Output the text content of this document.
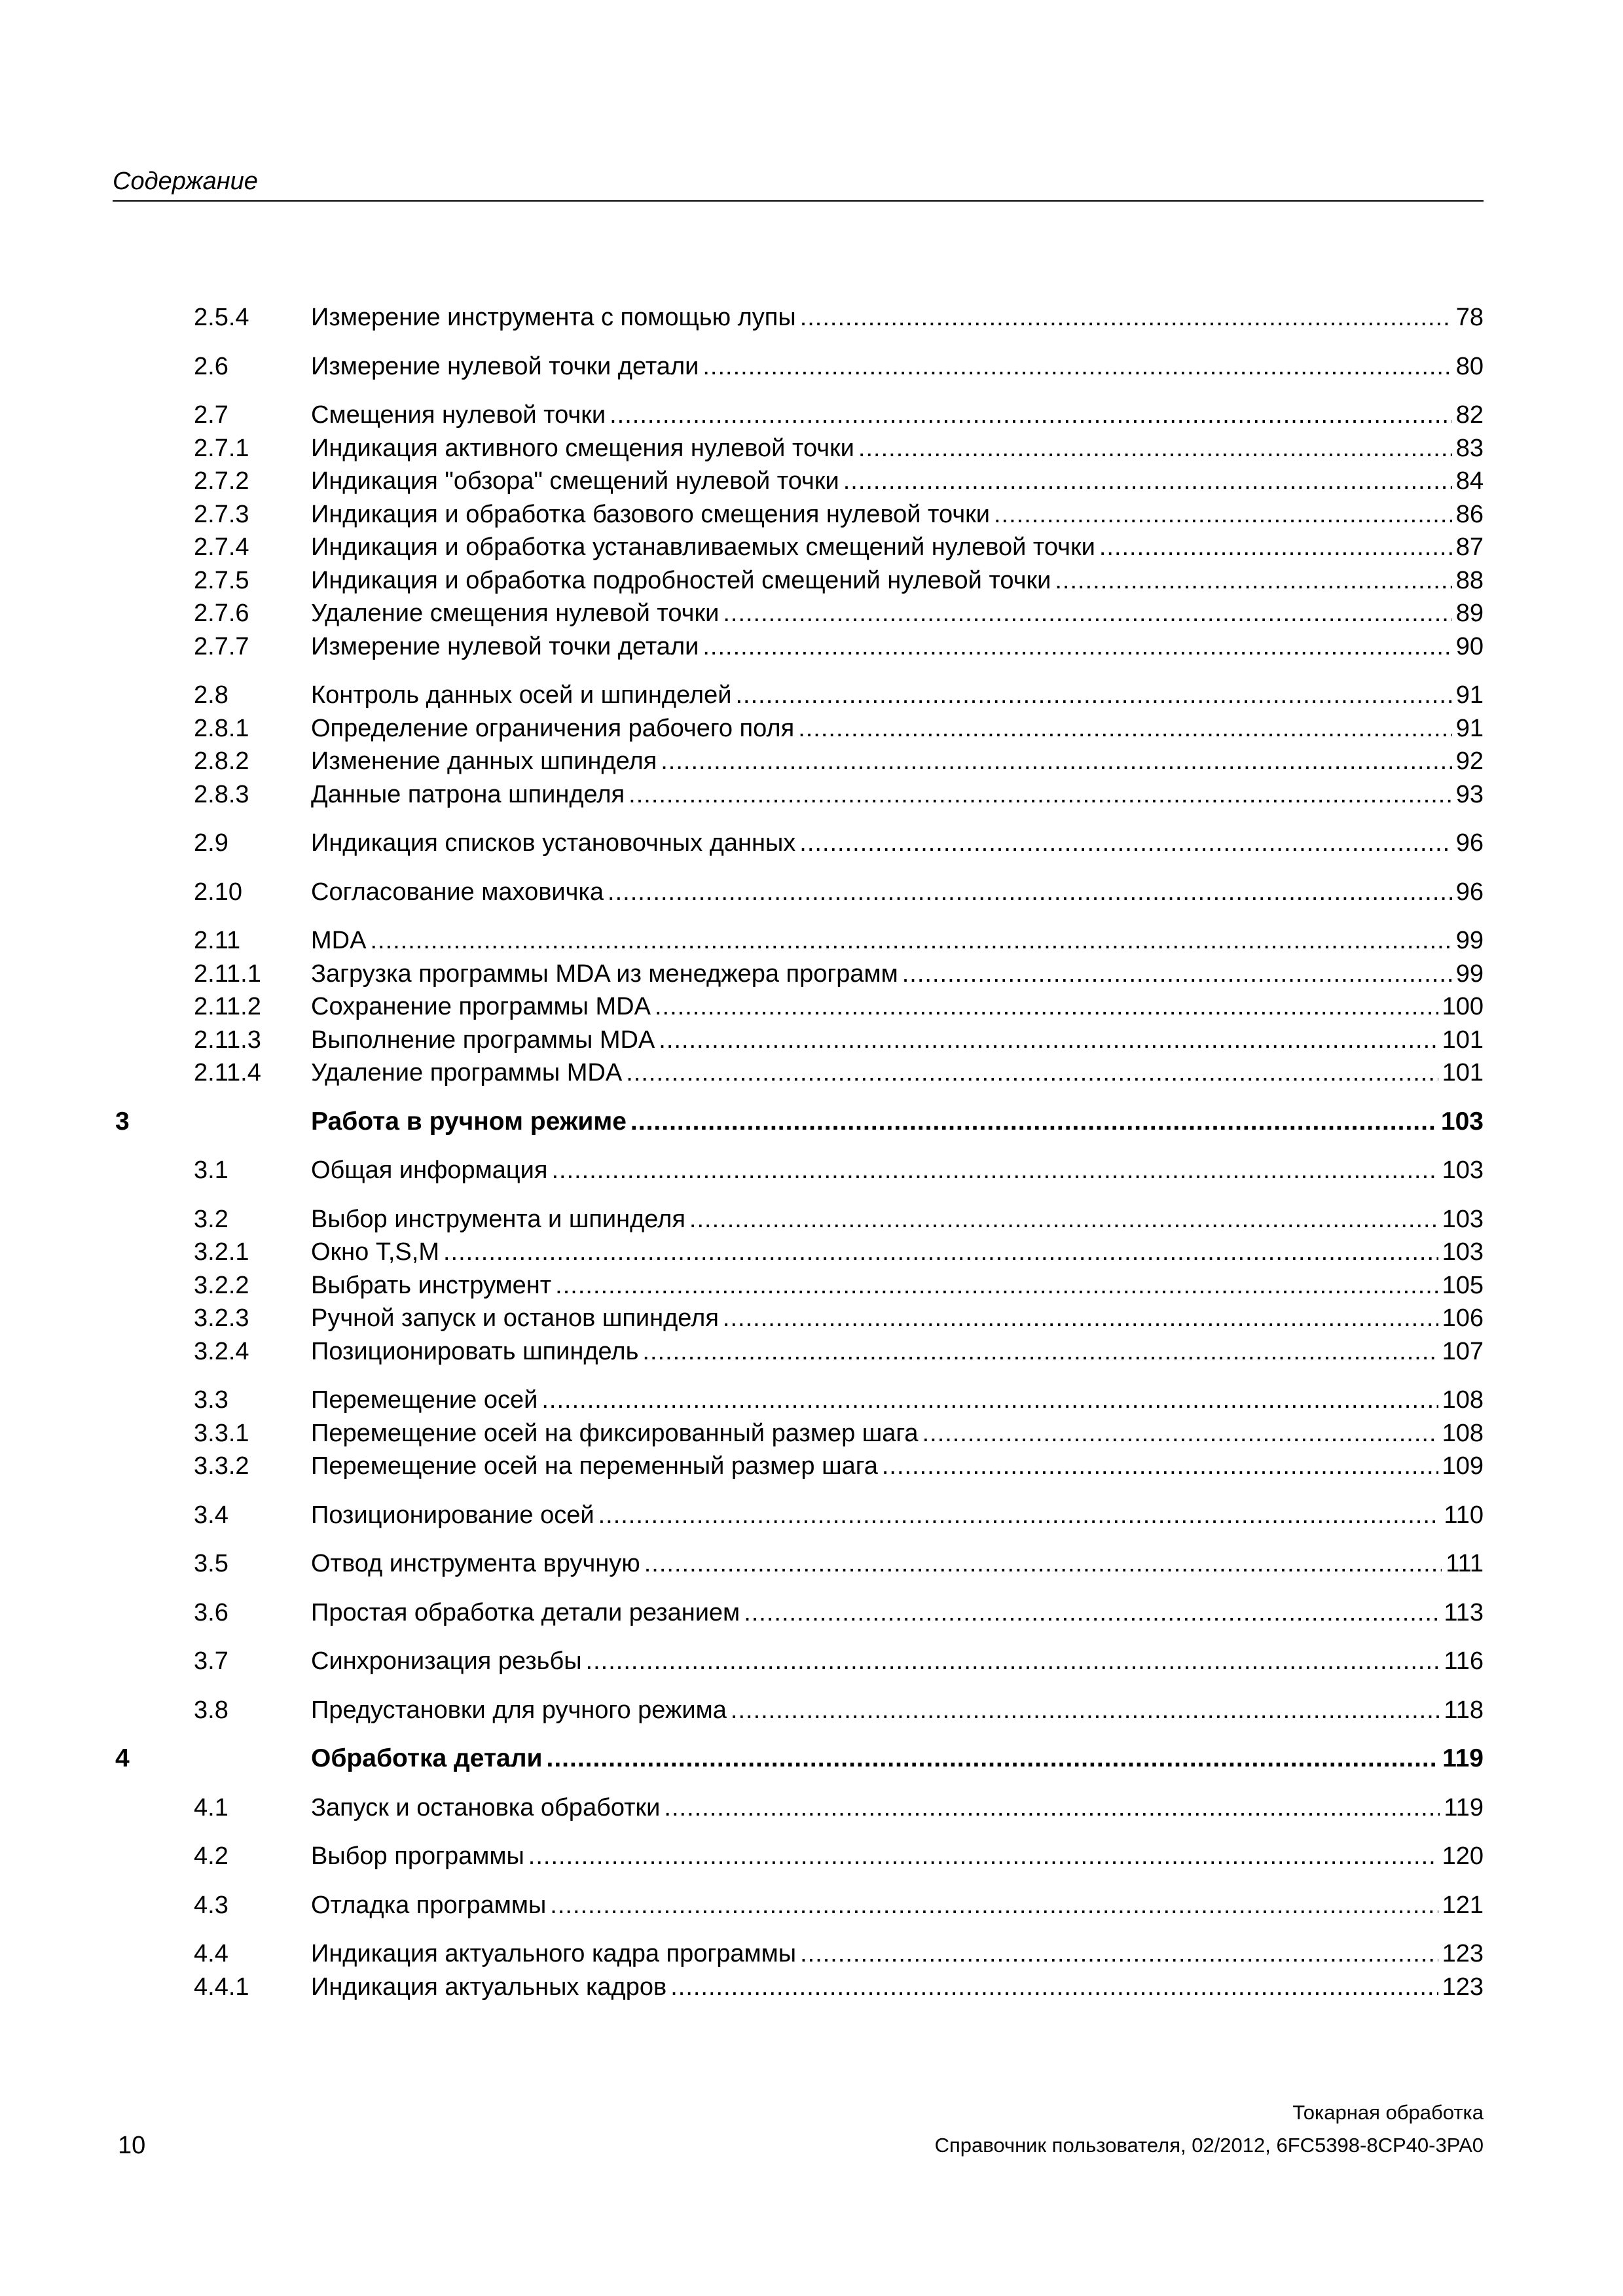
Содержание
2.5.4 Измерение инструмента с помощью лупы .....	78
2.6	Измерение нулевой точки детали .....	80
2.7	Смещения нулевой точки .....	82
2.7.1 Индикация активного смещения нулевой точки .....	83
2.7.2 Индикация "обзора" смещений нулевой точки .....	84
2.7.3 Индикация и обработка базового смещения нулевой точки .....	86
2.7.4 Индикация и обработка устанавливаемых смещений нулевой точки .....	87
2.7.5 Индикация и обработка подробностей смещений нулевой точки .....	88
2.7.6 Удаление смещения нулевой точки .....	89
2.7.7 Измерение нулевой точки детали .....	90
2.8	Контроль данных осей и шпинделей .....	91
2.8.1 Определение ограничения рабочего поля .....	91
2.8.2 Изменение данных шпинделя .....	92
2.8.3 Данные патрона шпинделя .....	93
2.9	Индикация списков установочных данных .....	96
2.10	Согласование маховичка .....	96
2.11	MDA .....	99
2.11.1 Загрузка программы MDA из менеджера программ .....	99
2.11.2 Сохранение программы MDA .....	100
2.11.3 Выполнение программы MDA .....	101
2.11.4 Удаление программы MDA .....	101
3	Работа в ручном режиме .....	103
3.1	Общая информация .....	103
3.2	Выбор инструмента и шпинделя .....	103
3.2.1 Окно T,S,M .....	103
3.2.2 Выбрать инструмент .....	105
3.2.3 Ручной запуск и останов шпинделя .....	106
3.2.4 Позиционировать шпиндель .....	107
3.3	Перемещение осей .....	108
3.3.1 Перемещение осей на фиксированный размер шага .....	108
3.3.2 Перемещение осей на переменный размер шага .....	109
3.4	Позиционирование осей .....	110
3.5	Отвод инструмента вручную .....	111
3.6	Простая обработка детали резанием .....	113
3.7	Синхронизация резьбы .....	116
3.8	Предустановки для ручного режима .....	118
4	Обработка детали .....	119
4.1	Запуск и остановка обработки .....	119
4.2	Выбор программы .....	120
4.3	Отладка программы .....	121
4.4	Индикация актуального кадра программы .....	123
4.4.1 Индикация актуальных кадров .....	123
Токарная обработка
Справочник пользователя, 02/2012, 6FC5398-8CP40-3PA0
10
